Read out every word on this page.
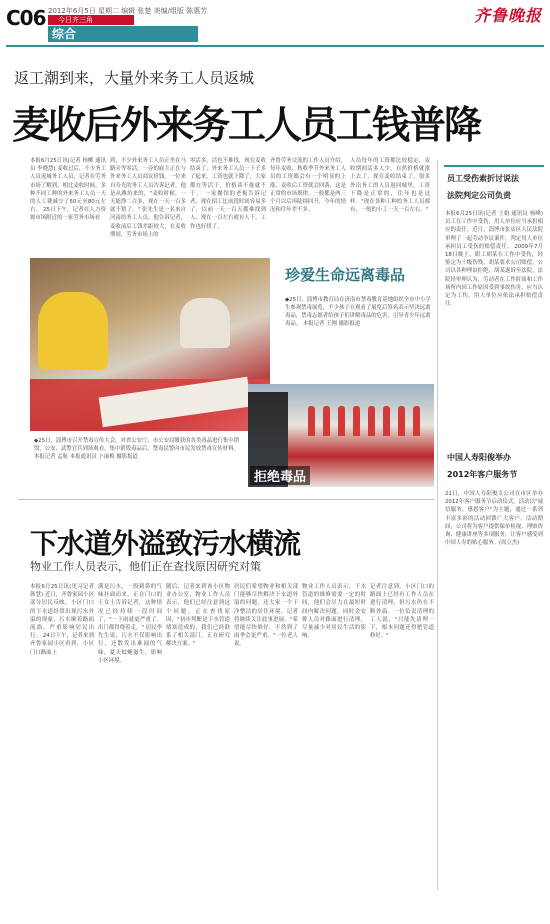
C06 2012年6月5日 星期二 编辑 张楚 美编/组版 陈惠芳
今日齐三角
综合
齐鲁晚报
返工潮到来，大量外来务工人员返城
麦收后外来务工人员工钱普降
本报6月25日讯(记者 杨柳 通讯员 李晓慧) 麦收过后，不少务工人员返城务工人员，记者在劳务市场了解到，相比麦收时候，多种不同工种的外来务工人员一天的人工费减少了50元至80元左右。 25日下午，记者在人力资源市场附近的一家劳务市场看
到，不少外来务工人员正坐在马路旁等零活，一旁的雇主正在与外来务工人员商议价钱。一位来自寿光的务工人员告诉记者，他是从潍坊来的，"麦收时候，一天能挣二百多，现在一天一百多就不错了。" 张先生是一名来自河南的务工人员，他告诉记者，麦收前后工钱差距较大，在麦收期间，劳务市场上的
零活多，活也不难找，现在麦收结束了，外来务工人员一下子多了起来，工资也就下降了，大家都在等活干，价格谈不拢就不干。 一家餐馆的老板告诉记者，现在招工比前段时间容易多了，以前一天一百五都难找到人，现在一百左右就有人干，工作也好找了。
齐鲁劳务交流的工作人员介绍，每年麦收、秋收季节外来务工人员的工资都会有一个明显的上涨，麦收后工资就会回落，这是正常的市场规律。一般都是两三个月以后再陆续回升，今年的情况和往年差不多。
人员每年的工资都比较稳定，麦收期间活多人少，自然价格就涨上去了，现在麦收结束了，很多外出务工的人员返回城里，工资下降是正常的，往年也是这样。"现在各种工种的务工人员都有，一般的小工一天一百左右。"
珍爱生命远离毒品
◆25日，淄博市教育局在济南市禁毒教育基地组织全市中小学生参观禁毒展览，不少孩子在观看了展览后签名表示坚决远离毒品，禁毒志愿者给孩子们讲解毒品的危害，引导青少年远离毒品。 本报记者 王刚 摄影报道
◆25日，淄博市召开禁毒宣传大会，对省公安厅、市公安局缴获的各类毒品进行集中销毁，公安、武警官兵到场观看。集中销毁毒品后，禁毒民警向市民发放禁毒宣传材料。 本报记者 孟航 本报通讯员 卜丽梅 摄影报道
拒绝毒品
下水道外溢致污水横流
物业工作人员表示，他们正在查找原因研究对策
本报6月25日讯(见习记者 韩慧) 近日，齐鲁家园小区部分居民反映，小区门口的下水道经常出现污水外溢的现象，污水顺着路面流淌，严重影响居民出行。 24日下午，记者来到齐鲁家园小区看到，小区门口路面上
满是污水，一股刺鼻的气味扑面而来。正在门口的王女士告诉记者，这种情况已经持续一段时间了，"一下雨就更严重了，出门都得绕着走。" 居民李先生说，污水不仅影响出行，还散发出难闻的气味，夏天蚊蝇滋生，影响小区环境。
随后，记者来到该小区物业办公室，物业工作人员表示，他们已经注意到这个问题，正在查找原因，"初步判断是下水管道堵塞造成的，我们已经联系了相关部门，正在研究解决方案。"
居民们希望物业和相关部门能够尽快解决下水道外溢的问题，还大家一个干净整洁的居住环境。记者将继续关注此事进展。"希望能尽快修好，不然到了雨季会更严重。"一位老人说。
物业工作人员表示，下水管道的维修需要一定的时间，他们会尽力在最短时间内解决问题，同时会安排人员对路面进行清理，尽量减少对居民生活的影响。
记者注意到，小区门口的路面上已经有工作人员在进行清理，但污水仍在不断外溢。一位负责清理的工人说，"只能先清理一下，根本问题还得把管道修好。"
员工受伤索折讨说法
法院判定公司负责
本报6月25日讯(记者 王娟 通讯员 杨峰) 员工在工作中受伤，用人单位应当承担相应的责任。近日，淄博市张店区人民法院审理了一起劳动争议案件，判定用人单位承担员工受伤的赔偿责任。 2009年7月18日晚上，职工胡某在工作中受伤，经鉴定为十级伤残，胡某要求公司赔偿，公司以各种理由拒绝，胡某遂诉至法院。法院经审理认为，劳动者在工作时间和工作场所内因工作原因受到事故伤害，应当认定为工伤，用人单位应依法承担赔偿责任。
中国人寿阳俊举办
2012年客户服务节
21日，中国人寿阳俊支公司在市区举办2012年客户服务节启动仪式，活动以"诚信服务、感恩客户"为主题，通过一系列丰富多彩的活动回馈广大客户。活动期间，公司将为客户提供保单检视、理赔咨询、健康讲座等多项服务，让客户感受到中国人寿的贴心服务。(周立杰)
